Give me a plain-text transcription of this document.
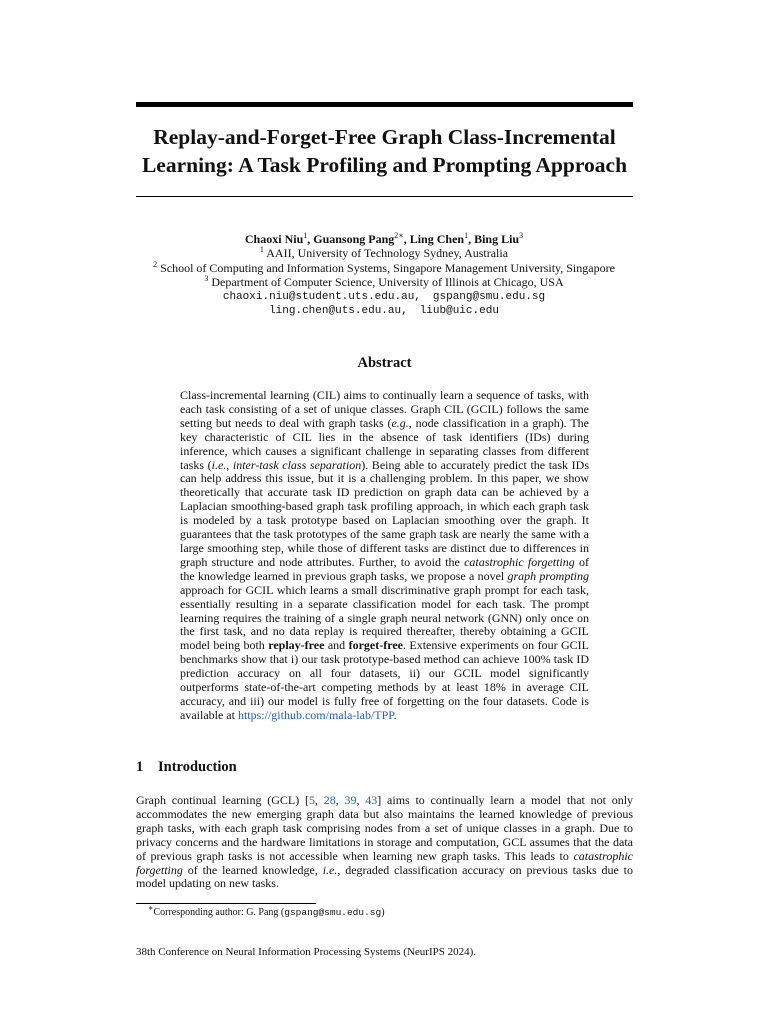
Replay-and-Forget-Free Graph Class-Incremental
Learning: A Task Profiling and Prompting Approach
Chaoxi Niu$^1$, Guansong Pang$^{2∗}$, Ling Chen$^1$, Bing Liu$^3$
$^1$ AAII, University of Technology Sydney, Australia
$^2$ School of Computing and Information Systems, Singapore Management University, Singapore
$^3$ Department of Computer Science, University of Illinois at Chicago, USA
chaoxi.niu@student.uts.edu.au, gspang@smu.edu.sg
ling.chen@uts.edu.au, liub@uic.edu
Abstract
Class-incremental learning (CIL) aims to continually learn a sequence of tasks, with each task consisting of a set of unique classes. Graph CIL (GCIL) follows the same setting but needs to deal with graph tasks (e.g., node classification in a graph). The key characteristic of CIL lies in the absence of task identifiers (IDs) during inference, which causes a significant challenge in separating classes from different tasks (i.e., inter-task class separation). Being able to accurately predict the task IDs can help address this issue, but it is a challenging problem. In this paper, we show theoretically that accurate task ID prediction on graph data can be achieved by a Laplacian smoothing-based graph task profiling approach, in which each graph task is modeled by a task prototype based on Laplacian smoothing over the graph. It guarantees that the task prototypes of the same graph task are nearly the same with a large smoothing step, while those of different tasks are distinct due to differences in graph structure and node attributes. Further, to avoid the catastrophic forgetting of the knowledge learned in previous graph tasks, we propose a novel graph prompting approach for GCIL which learns a small discriminative graph prompt for each task, essentially resulting in a separate classification model for each task. The prompt learning requires the training of a single graph neural network (GNN) only once on the first task, and no data replay is required thereafter, thereby obtaining a GCIL model being both replay-free and forget-free. Extensive experiments on four GCIL benchmarks show that i) our task prototype-based method can achieve 100% task ID prediction accuracy on all four datasets, ii) our GCIL model significantly outperforms state-of-the-art competing methods by at least 18% in average CIL accuracy, and iii) our model is fully free of forgetting on the four datasets. Code is available at https://github.com/mala-lab/TPP.
1 Introduction
Graph continual learning (GCL) [5, 28, 39, 43] aims to continually learn a model that not only accommodates the new emerging graph data but also maintains the learned knowledge of previous graph tasks, with each graph task comprising nodes from a set of unique classes in a graph. Due to privacy concerns and the hardware limitations in storage and computation, GCL assumes that the data of previous graph tasks is not accessible when learning new graph tasks. This leads to catastrophic forgetting of the learned knowledge, i.e., degraded classification accuracy on previous tasks due to model updating on new tasks.
∗Corresponding author: G. Pang (gspang@smu.edu.sg)
38th Conference on Neural Information Processing Systems (NeurIPS 2024).
